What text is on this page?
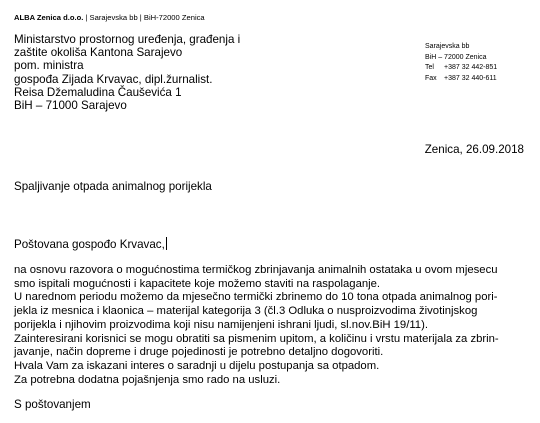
ALBA Zenica d.o.o. | Sarajevska bb | BiH-72000 Zenica
Ministarstvo prostornog uređenja, građenja i
zaštite okoliša Kantona Sarajevo
pom. ministra
gospođa Zijada Krvavac, dipl.žurnalist.
Reisa Džemaludina Čauševića 1
BiH – 71000 Sarajevo
Sarajevska bb
BiH – 72000 Zenica
Tel +387 32 442-851
Fax +387 32 440-611
Zenica, 26.09.2018
Spaljivanje otpada animalnog porijekla
Poštovana gospođo Krvavac,
na osnovu razovora o mogućnostima termičkog zbrinjavanja animalnih ostataka u ovom mjesecu
smo ispitali mogućnosti i kapacitete koje možemo staviti na raspolaganje.
U narednom periodu možemo da mjesečno termički zbrinemo do 10 tona otpada animalnog pori-
jekla iz mesnica i klaonica – materijal kategorija 3 (čl.3 Odluka o nusproizvodima životinjskog
porijekla i njihovim proizvodima koji nisu namijenjeni ishrani ljudi, sl.nov.BiH 19/11).
Zainteresirani korisnici se mogu obratiti sa pismenim upitom, a količinu i vrstu materijala za zbrin-
javanje, način dopreme i druge pojedinosti je potrebno detaljno dogovoriti.
Hvala Vam za iskazani interes o saradnji u dijelu postupanja sa otpadom.
Za potrebna dodatna pojašnjenja smo rado na usluzi.
S poštovanjem
